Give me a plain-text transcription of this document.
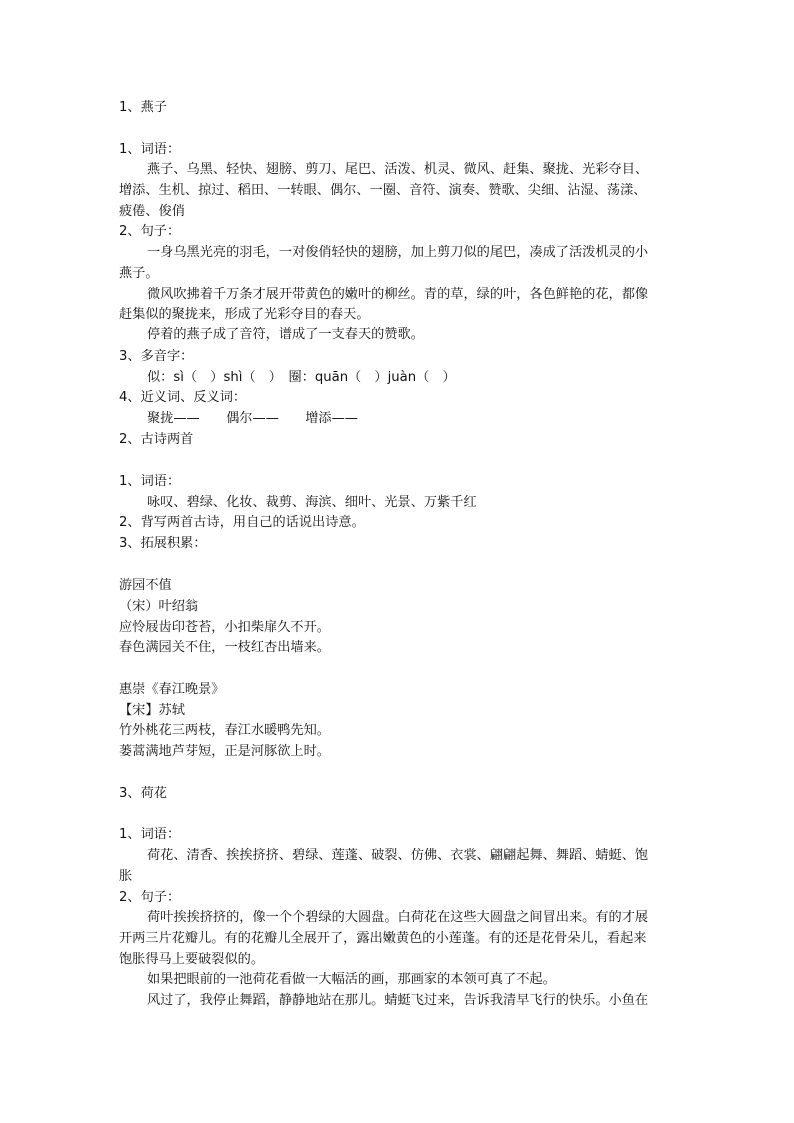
1、燕子
1、词语：
燕子、乌黑、轻快、翅膀、剪刀、尾巴、活泼、机灵、微风、赶集、聚拢、光彩夺目、
增添、生机、掠过、稻田、一转眼、偶尔、一圈、音符、演奏、赞歌、尖细、沾湿、荡漾、
疲倦、俊俏
2、句子：
一身乌黑光亮的羽毛，一对俊俏轻快的翅膀，加上剪刀似的尾巴，凑成了活泼机灵的小
燕子。
微风吹拂着千万条才展开带黄色的嫩叶的柳丝。青的草，绿的叶，各色鲜艳的花，都像
赶集似的聚拢来，形成了光彩夺目的春天。
停着的燕子成了音符，谱成了一支春天的赞歌。
3、多音字：
似：sì（　）shì（　）　圈：quān（　）juàn（　）
4、近义词、反义词：
聚拢——　　偶尔——　　增添——
2、古诗两首
1、词语：
咏叹、碧绿、化妆、裁剪、海滨、细叶、光景、万紫千红
2、背写两首古诗，用自己的话说出诗意。
3、拓展积累：
游园不值
（宋）叶绍翁
应怜屐齿印苍苔，小扣柴扉久不开。
春色满园关不住，一枝红杏出墙来。
惠崇《春江晚景》
【宋】苏轼
竹外桃花三两枝，春江水暖鸭先知。
蒌蒿满地芦芽短，正是河豚欲上时。
3、荷花
1、词语：
荷花、清香、挨挨挤挤、碧绿、莲蓬、破裂、仿佛、衣裳、翩翩起舞、舞蹈、蜻蜓、饱
胀
2、句子：
荷叶挨挨挤挤的，像一个个碧绿的大圆盘。白荷花在这些大圆盘之间冒出来。有的才展
开两三片花瓣儿。有的花瓣儿全展开了，露出嫩黄色的小莲蓬。有的还是花骨朵儿，看起来
饱胀得马上要破裂似的。
如果把眼前的一池荷花看做一大幅活的画，那画家的本领可真了不起。
风过了，我停止舞蹈，静静地站在那儿。蜻蜓飞过来，告诉我清早飞行的快乐。小鱼在
